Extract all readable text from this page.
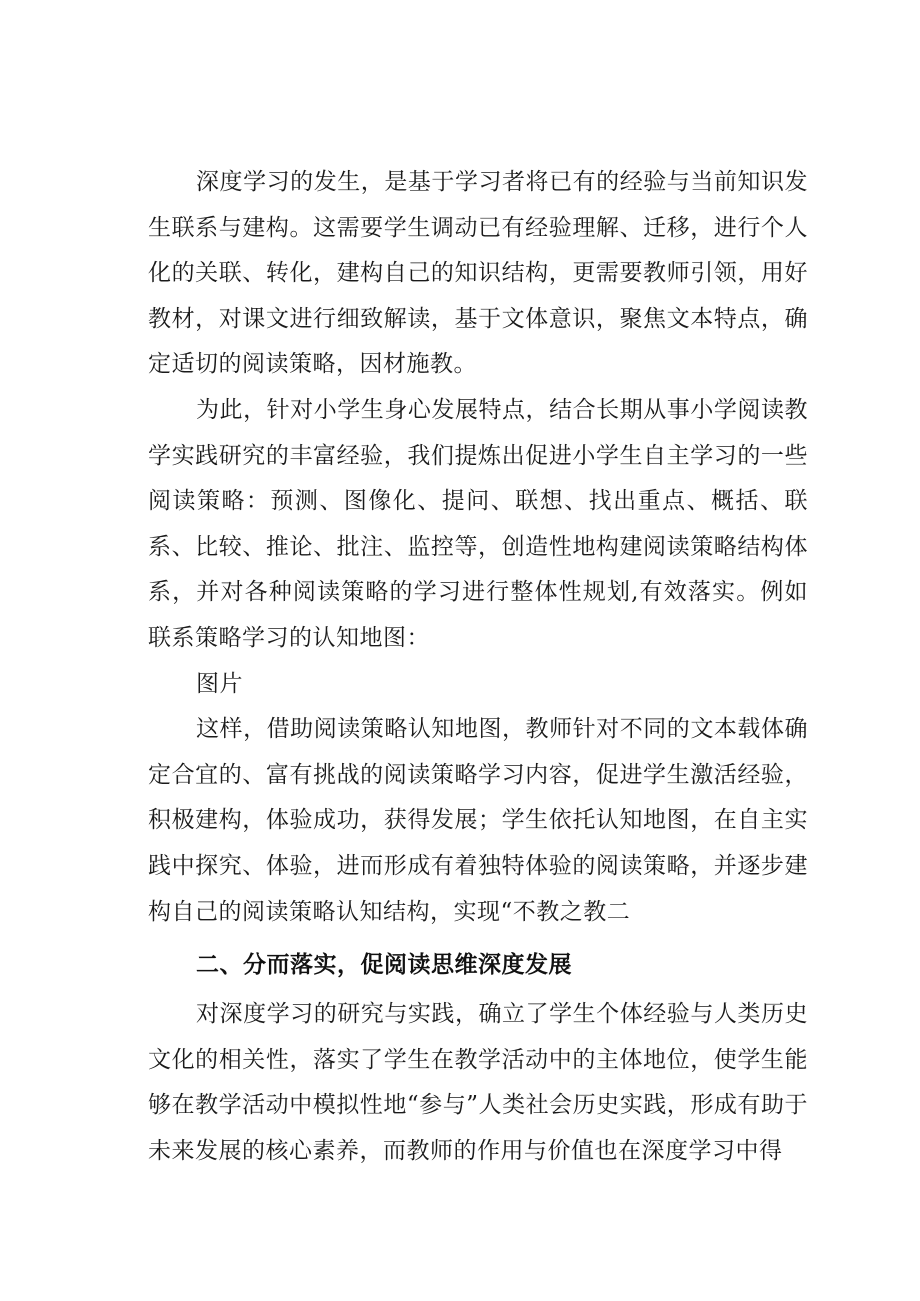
深度学习的发生，是基于学习者将已有的经验与当前知识发生联系与建构。这需要学生调动已有经验理解、迁移，进行个人化的关联、转化，建构自己的知识结构，更需要教师引领，用好教材，对课文进行细致解读，基于文体意识，聚焦文本特点，确定适切的阅读策略，因材施教。

为此，针对小学生身心发展特点，结合长期从事小学阅读教学实践研究的丰富经验，我们提炼出促进小学生自主学习的一些阅读策略：预测、图像化、提问、联想、找出重点、概括、联系、比较、推论、批注、监控等，创造性地构建阅读策略结构体系，并对各种阅读策略的学习进行整体性规划,有效落实。例如联系策略学习的认知地图：

图片

这样，借助阅读策略认知地图，教师针对不同的文本载体确定合宜的、富有挑战的阅读策略学习内容，促进学生激活经验，积极建构，体验成功，获得发展；学生依托认知地图，在自主实践中探究、体验，进而形成有着独特体验的阅读策略，并逐步建构自己的阅读策略认知结构，实现“不教之教二

二、分而落实，促阅读思维深度发展

对深度学习的研究与实践，确立了学生个体经验与人类历史文化的相关性，落实了学生在教学活动中的主体地位，使学生能够在教学活动中模拟性地“参与”人类社会历史实践，形成有助于未来发展的核心素养，而教师的作用与价值也在深度学习中得
